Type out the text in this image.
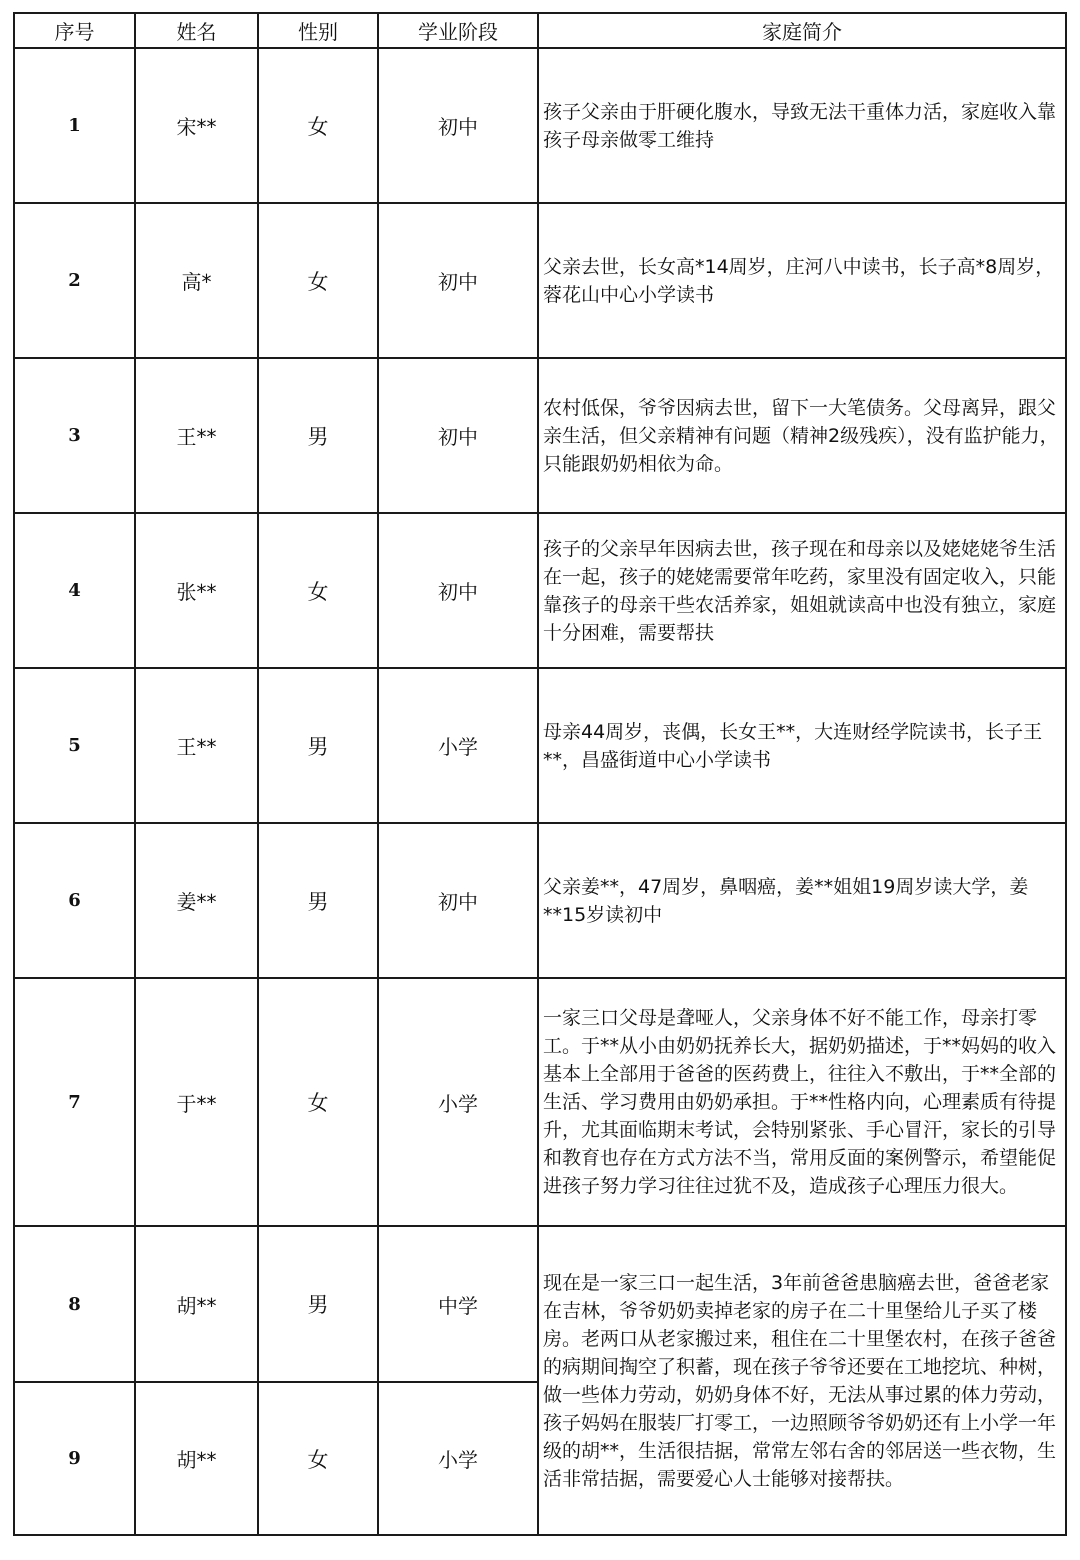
序号	姓名	性别	学业阶段	家庭简介
1	宋**	女	初中	孩子父亲由于肝硬化腹水，导致无法干重体力活，家庭收入靠孩子母亲做零工维持
2	高*	女	初中	父亲去世，长女高*14周岁，庄河八中读书，长子高*8周岁，蓉花山中心小学读书
3	王**	男	初中	农村低保，爷爷因病去世，留下一大笔债务。父母离异，跟父亲生活，但父亲精神有问题（精神2级残疾），没有监护能力，只能跟奶奶相依为命。
4	张**	女	初中	孩子的父亲早年因病去世，孩子现在和母亲以及姥姥姥爷生活在一起，孩子的姥姥需要常年吃药，家里没有固定收入，只能靠孩子的母亲干些农活养家，姐姐就读高中也没有独立，家庭十分困难，需要帮扶
5	王**	男	小学	母亲44周岁，丧偶，长女王**，大连财经学院读书，长子王**，昌盛街道中心小学读书
6	姜**	男	初中	父亲姜**，47周岁，鼻咽癌，姜**姐姐19周岁读大学，姜**15岁读初中
7	于**	女	小学	一家三口父母是聋哑人，父亲身体不好不能工作，母亲打零工。于**从小由奶奶抚养长大，据奶奶描述，于**妈妈的收入基本上全部用于爸爸的医药费上，往往入不敷出，于**全部的生活、学习费用由奶奶承担。于**性格内向，心理素质有待提升，尤其面临期末考试，会特别紧张、手心冒汗，家长的引导和教育也存在方式方法不当，常用反面的案例警示，希望能促进孩子努力学习往往过犹不及，造成孩子心理压力很大。
8	胡**	男	中学	现在是一家三口一起生活，3年前爸爸患脑癌去世，爸爸老家在吉林，爷爷奶奶卖掉老家的房子在二十里堡给儿子买了楼房。老两口从老家搬过来，租住在二十里堡农村，在孩子爸爸的病期间掏空了积蓄，现在孩子爷爷还要在工地挖坑、种树，做一些体力劳动，奶奶身体不好，无法从事过累的体力劳动，孩子妈妈在服装厂打零工，一边照顾爷爷奶奶还有上小学一年级的胡**，生活很拮据，常常左邻右舍的邻居送一些衣物，生活非常拮据，需要爱心人士能够对接帮扶。
9	胡**	女	小学	
